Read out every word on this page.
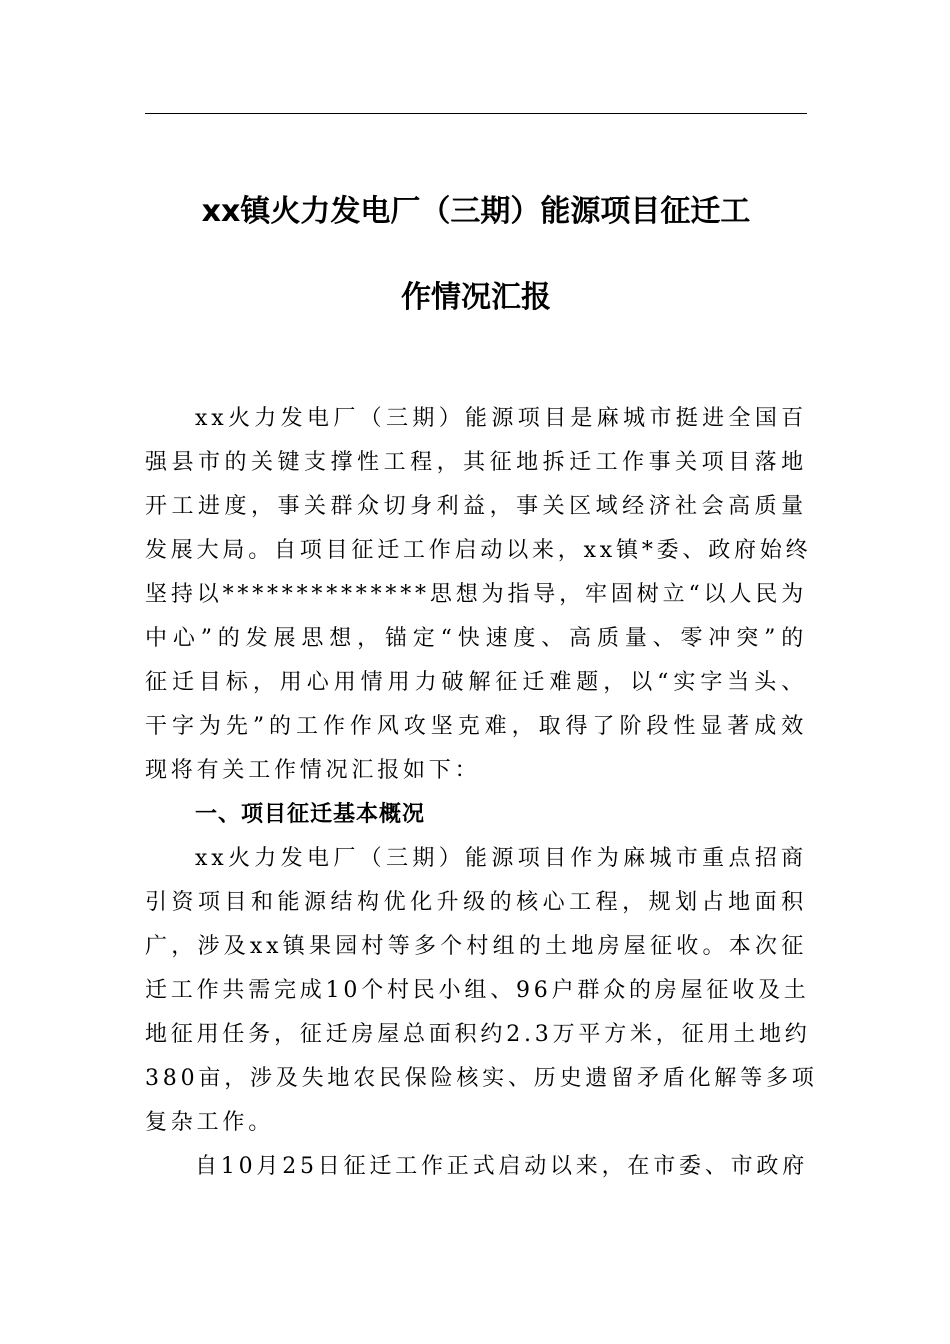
xx镇火力发电厂（三期）能源项目征迁工
作情况汇报

xx火力发电厂（三期）能源项目是麻城市挺进全国百
强县市的关键支撑性工程，其征地拆迁工作事关项目落地
开工进度，事关群众切身利益，事关区域经济社会高质量
发展大局。自项目征迁工作启动以来，xx镇*委、政府始终
坚持以**************思想为指导，牢固树立“以人民为
中心”的发展思想，锚定“快速度、高质量、零冲突”的
征迁目标，用心用情用力破解征迁难题，以“实字当头、
干字为先”的工作作风攻坚克难，取得了阶段性显著成效
现将有关工作情况汇报如下：

一、项目征迁基本概况

xx火力发电厂（三期）能源项目作为麻城市重点招商
引资项目和能源结构优化升级的核心工程，规划占地面积
广，涉及xx镇果园村等多个村组的土地房屋征收。本次征
迁工作共需完成10个村民小组、96户群众的房屋征收及土
地征用任务，征迁房屋总面积约2.3万平方米，征用土地约
380亩，涉及失地农民保险核实、历史遗留矛盾化解等多项
复杂工作。

自10月25日征迁工作正式启动以来，在市委、市政府
